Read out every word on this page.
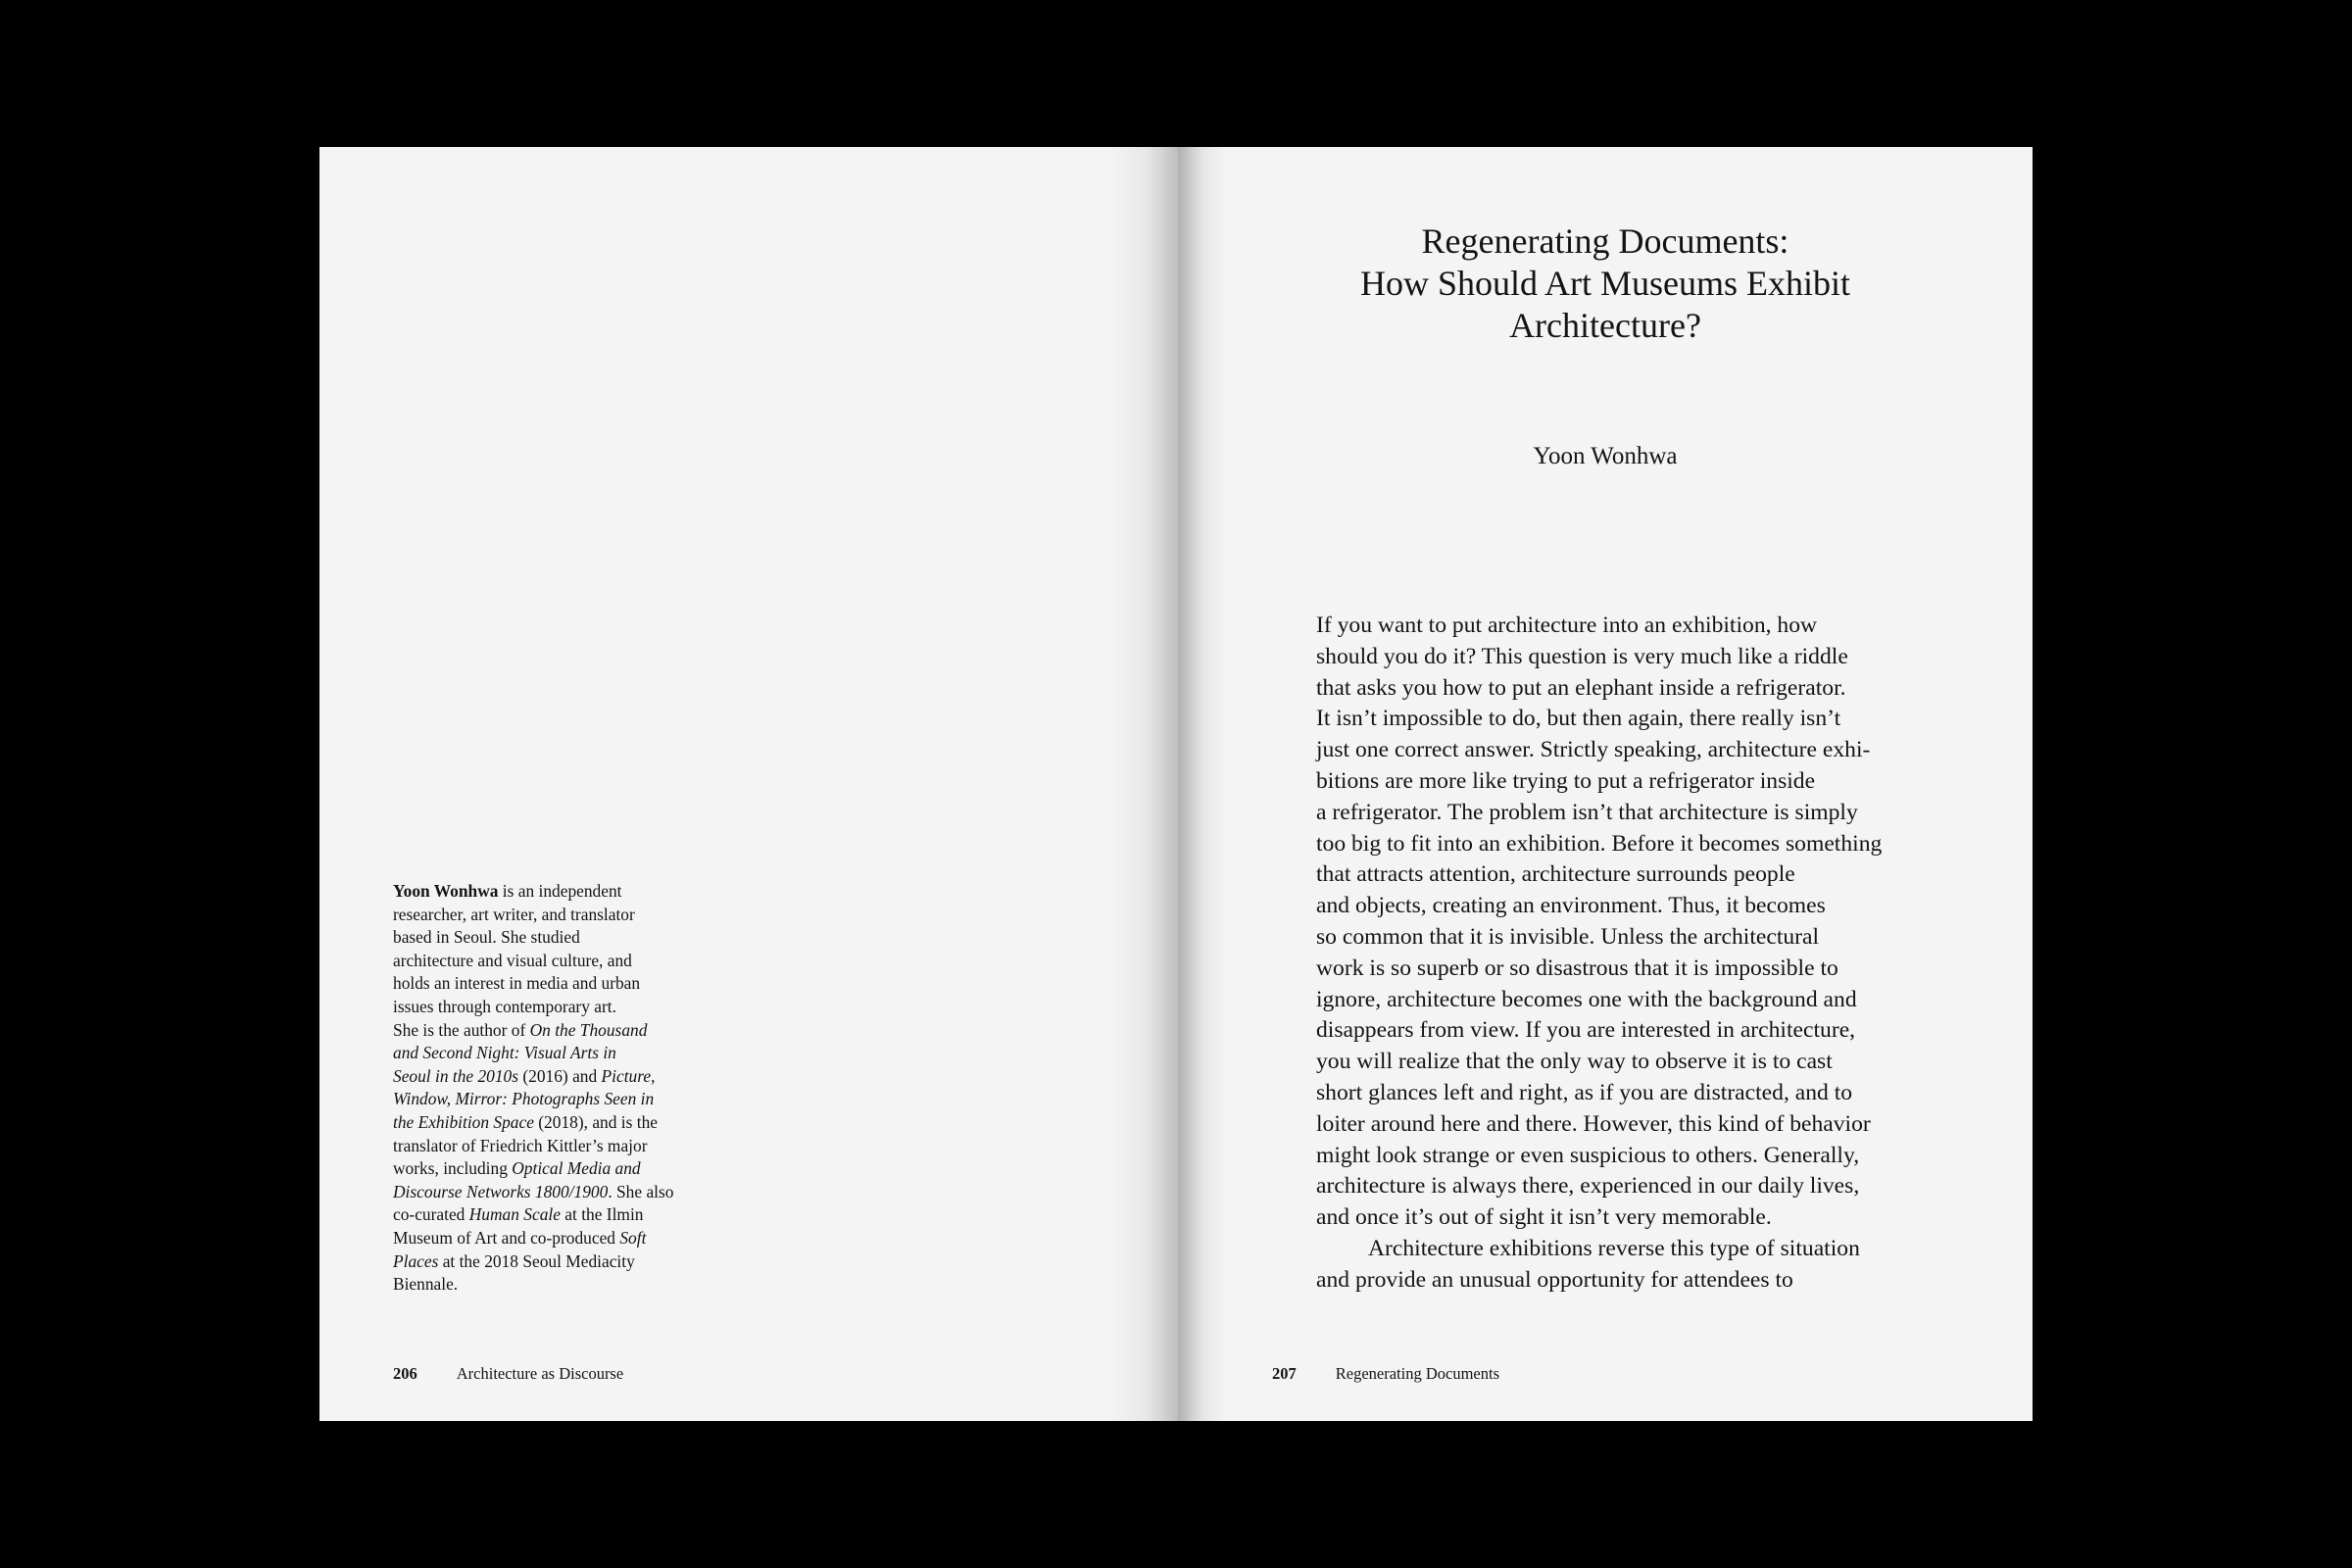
Yoon Wonhwa is an independent
researcher, art writer, and translator
based in Seoul. She studied
architecture and visual culture, and
holds an interest in media and urban
issues through contemporary art.
She is the author of On the Thousand
and Second Night: Visual Arts in
Seoul in the 2010s (2016) and Picture,
Window, Mirror: Photographs Seen in
the Exhibition Space (2018), and is the
translator of Friedrich Kittler’s major
works, including Optical Media and
Discourse Networks 1800/1900. She also
co-curated Human Scale at the Ilmin
Museum of Art and co-produced Soft
Places at the 2018 Seoul Mediacity
Biennale.
206 Architecture as Discourse
Regenerating Documents:
How Should Art Museums Exhibit
Architecture?
Yoon Wonhwa
If you want to put architecture into an exhibition, how
should you do it? This question is very much like a riddle
that asks you how to put an elephant inside a refrigerator.
It isn’t impossible to do, but then again, there really isn’t
just one correct answer. Strictly speaking, architecture exhi-
bitions are more like trying to put a refrigerator inside
a refrigerator. The problem isn’t that architecture is simply
too big to fit into an exhibition. Before it becomes something
that attracts attention, architecture surrounds people
and objects, creating an environment. Thus, it becomes
so common that it is invisible. Unless the architectural
work is so superb or so disastrous that it is impossible to
ignore, architecture becomes one with the background and
disappears from view. If you are interested in architecture,
you will realize that the only way to observe it is to cast
short glances left and right, as if you are distracted, and to
loiter around here and there. However, this kind of behavior
might look strange or even suspicious to others. Generally,
architecture is always there, experienced in our daily lives,
and once it’s out of sight it isn’t very memorable.
Architecture exhibitions reverse this type of situation
and provide an unusual opportunity for attendees to
207 Regenerating Documents
